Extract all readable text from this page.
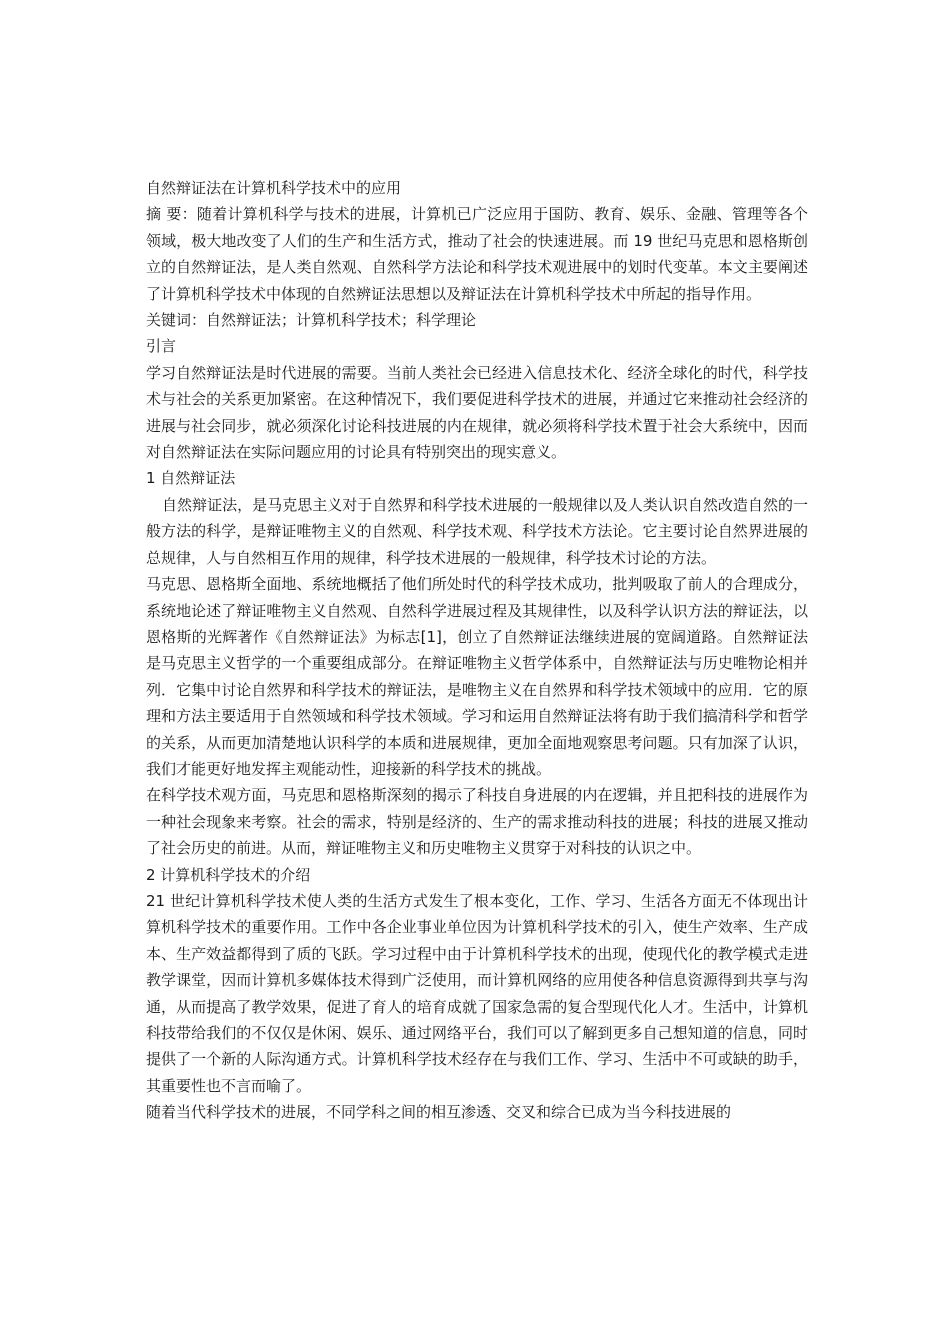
自然辩证法在计算机科学技术中的应用

摘 要：随着计算机科学与技术的进展，计算机已广泛应用于国防、教育、娱乐、金融、管理等各个领域，极大地改变了人们的生产和生活方式，推动了社会的快速进展。而 19 世纪马克思和恩格斯创立的自然辩证法，是人类自然观、自然科学方法论和科学技术观进展中的划时代变革。本文主要阐述了计算机科学技术中体现的自然辨证法思想以及辩证法在计算机科学技术中所起的指导作用。

关键词：自然辩证法；计算机科学技术；科学理论

引言

学习自然辩证法是时代进展的需要。当前人类社会已经进入信息技术化、经济全球化的时代，科学技术与社会的关系更加紧密。在这种情况下，我们要促进科学技术的进展，并通过它来推动社会经济的进展与社会同步，就必须深化讨论科技进展的内在规律，就必须将科学技术置于社会大系统中，因而对自然辩证法在实际问题应用的讨论具有特别突出的现实意义。

1 自然辩证法

自然辩证法，是马克思主义对于自然界和科学技术进展的一般规律以及人类认识自然改造自然的一般方法的科学，是辩证唯物主义的自然观、科学技术观、科学技术方法论。它主要讨论自然界进展的总规律，人与自然相互作用的规律，科学技术进展的一般规律，科学技术讨论的方法。

马克思、恩格斯全面地、系统地概括了他们所处时代的科学技术成功，批判吸取了前人的合理成分，系统地论述了辩证唯物主义自然观、自然科学进展过程及其规律性，以及科学认识方法的辩证法，以恩格斯的光辉著作《自然辩证法》为标志[1]，创立了自然辩证法继续进展的宽阔道路。自然辩证法是马克思主义哲学的一个重要组成部分。在辩证唯物主义哲学体系中，自然辩证法与历史唯物论相并列．它集中讨论自然界和科学技术的辩证法，是唯物主义在自然界和科学技术领域中的应用．它的原理和方法主要适用于自然领域和科学技术领域。学习和运用自然辩证法将有助于我们搞清科学和哲学的关系，从而更加清楚地认识科学的本质和进展规律，更加全面地观察思考问题。只有加深了认识，我们才能更好地发挥主观能动性，迎接新的科学技术的挑战。

在科学技术观方面，马克思和恩格斯深刻的揭示了科技自身进展的内在逻辑，并且把科技的进展作为一种社会现象来考察。社会的需求，特别是经济的、生产的需求推动科技的进展；科技的进展又推动了社会历史的前进。从而，辩证唯物主义和历史唯物主义贯穿于对科技的认识之中。

2 计算机科学技术的介绍

21 世纪计算机科学技术使人类的生活方式发生了根本变化，工作、学习、生活各方面无不体现出计算机科学技术的重要作用。工作中各企业事业单位因为计算机科学技术的引入，使生产效率、生产成本、生产效益都得到了质的飞跃。学习过程中由于计算机科学技术的出现，使现代化的教学模式走进教学课堂，因而计算机多媒体技术得到广泛使用，而计算机网络的应用使各种信息资源得到共享与沟通，从而提高了教学效果，促进了育人的培育成就了国家急需的复合型现代化人才。生活中，计算机科技带给我们的不仅仅是休闲、娱乐、通过网络平台，我们可以了解到更多自己想知道的信息，同时提供了一个新的人际沟通方式。计算机科学技术经存在与我们工作、学习、生活中不可或缺的助手，其重要性也不言而喻了。

随着当代科学技术的进展，不同学科之间的相互渗透、交叉和综合已成为当今科技进展的
